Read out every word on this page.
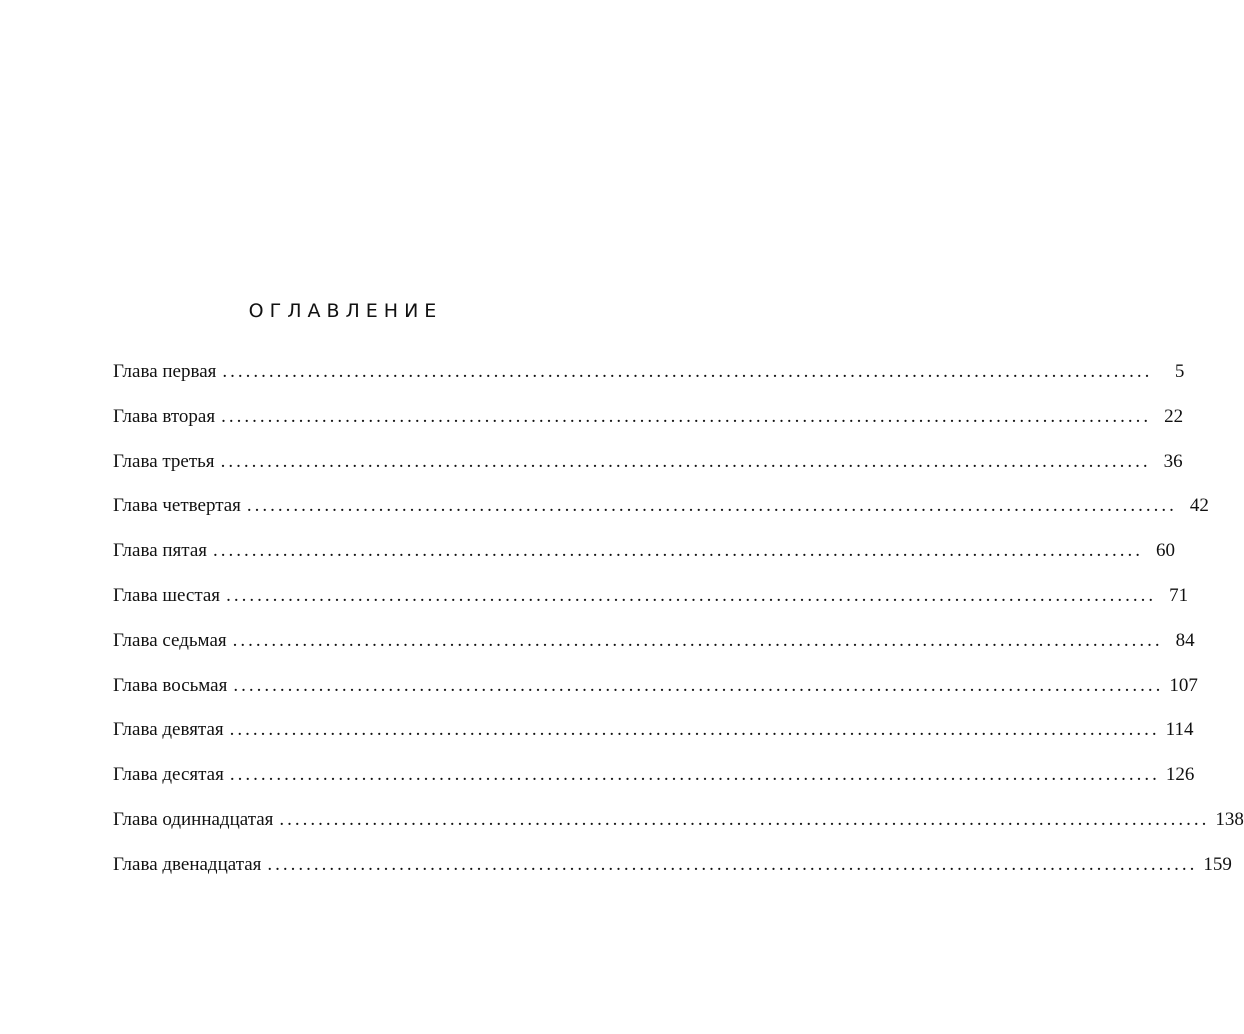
ОГЛАВЛЕНИЕ
Глава первая ........................................................................................................................	5
Глава вторая ........................................................................................................................ 22
Глава третья ........................................................................................................................ 36
Глава четвертая ........................................................................................................................ 42
Глава пятая ........................................................................................................................ 60
Глава шестая ........................................................................................................................ 71
Глава седьмая ........................................................................................................................ 84
Глава восьмая ........................................................................................................................ 107
Глава девятая ........................................................................................................................ 114
Глава десятая ........................................................................................................................ 126
Глава одиннадцатая ........................................................................................................................ 138
Глава двенадцатая ........................................................................................................................ 159
